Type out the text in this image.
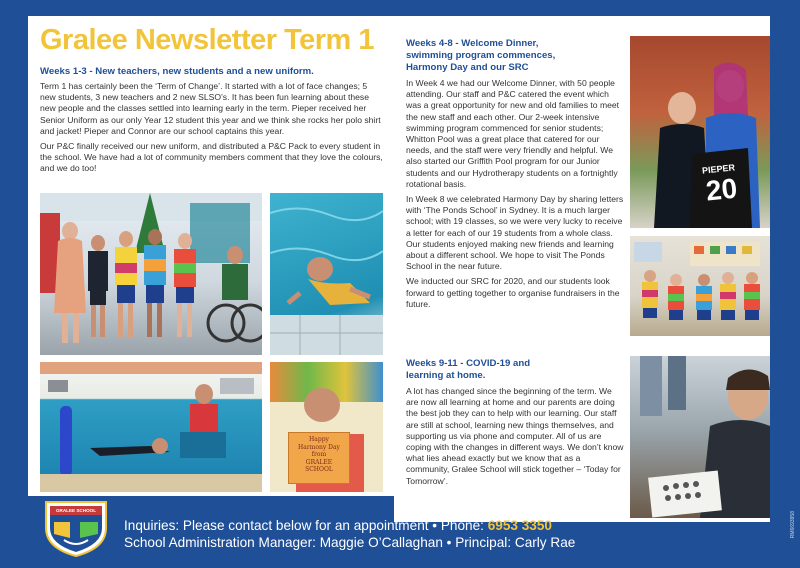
Gralee Newsletter Term 1
Weeks 1-3 - New teachers, new students and a new uniform.

Term 1 has certainly been the ‘Term of Change’. It started with a lot of face changes; 5 new students, 3 new teachers and 2 new SLSO’s. It has been fun learning about these new people and the classes settled into learning early in the term. Pieper received her Senior Uniform as our only Year 12 student this year and we think she rocks her polo shirt and jacket! Pieper and Connor are our school captains this year.

Our P&C finally received our new uniform, and distributed a P&C Pack to every student in the school. We have had a lot of community members comment that they love the colours, and we do too!

Happy
Harmony Day
from
GRALEE
SCHOOL
Weeks 4-8 - Welcome Dinner,
swimming program commences,
Harmony Day and our SRC

In Week 4 we had our Welcome Dinner, with 50 people attending. Our staff and P&C catered the event which was a great opportunity for new and old families to meet the new staff and each other. Our 2-week intensive swimming program commenced for senior students; Whitton Pool was a great place that catered for our needs, and the staff were very friendly and helpful. We also started our Griffith Pool program for our Junior students and our Hydrotherapy students on a fortnightly rotational basis.

In Week 8 we celebrated Harmony Day by sharing letters with ‘The Ponds School’ in Sydney. It is a much larger school; with 19 classes, so we were very lucky to receive a letter for each of our 19 students from a whole class. Our students enjoyed making new friends and learning about a different school. We hope to visit The Ponds School in the near future.

We inducted our SRC for 2020, and our students look forward to getting together to organise fundraisers in the future.

PIEPER
20
Weeks 9-11 - COVID-19 and
learning at home.

A lot has changed since the beginning of the term. We are now all learning at home and our parents are doing the best job they can to help with our learning. Our staff are still at school, learning new things themselves, and supporting us via phone and computer. All of us are coping with the changes in different ways. We don’t know what lies ahead exactly but we know that as a community, Gralee School will stick together – ‘Today for Tomorrow’.

GRALEE SCHOOL
Inquiries: Please contact below for an appointment • Phone: 6953 3350
School Administration Manager: Maggie O’Callaghan • Principal: Carly Rae
RM6693958
